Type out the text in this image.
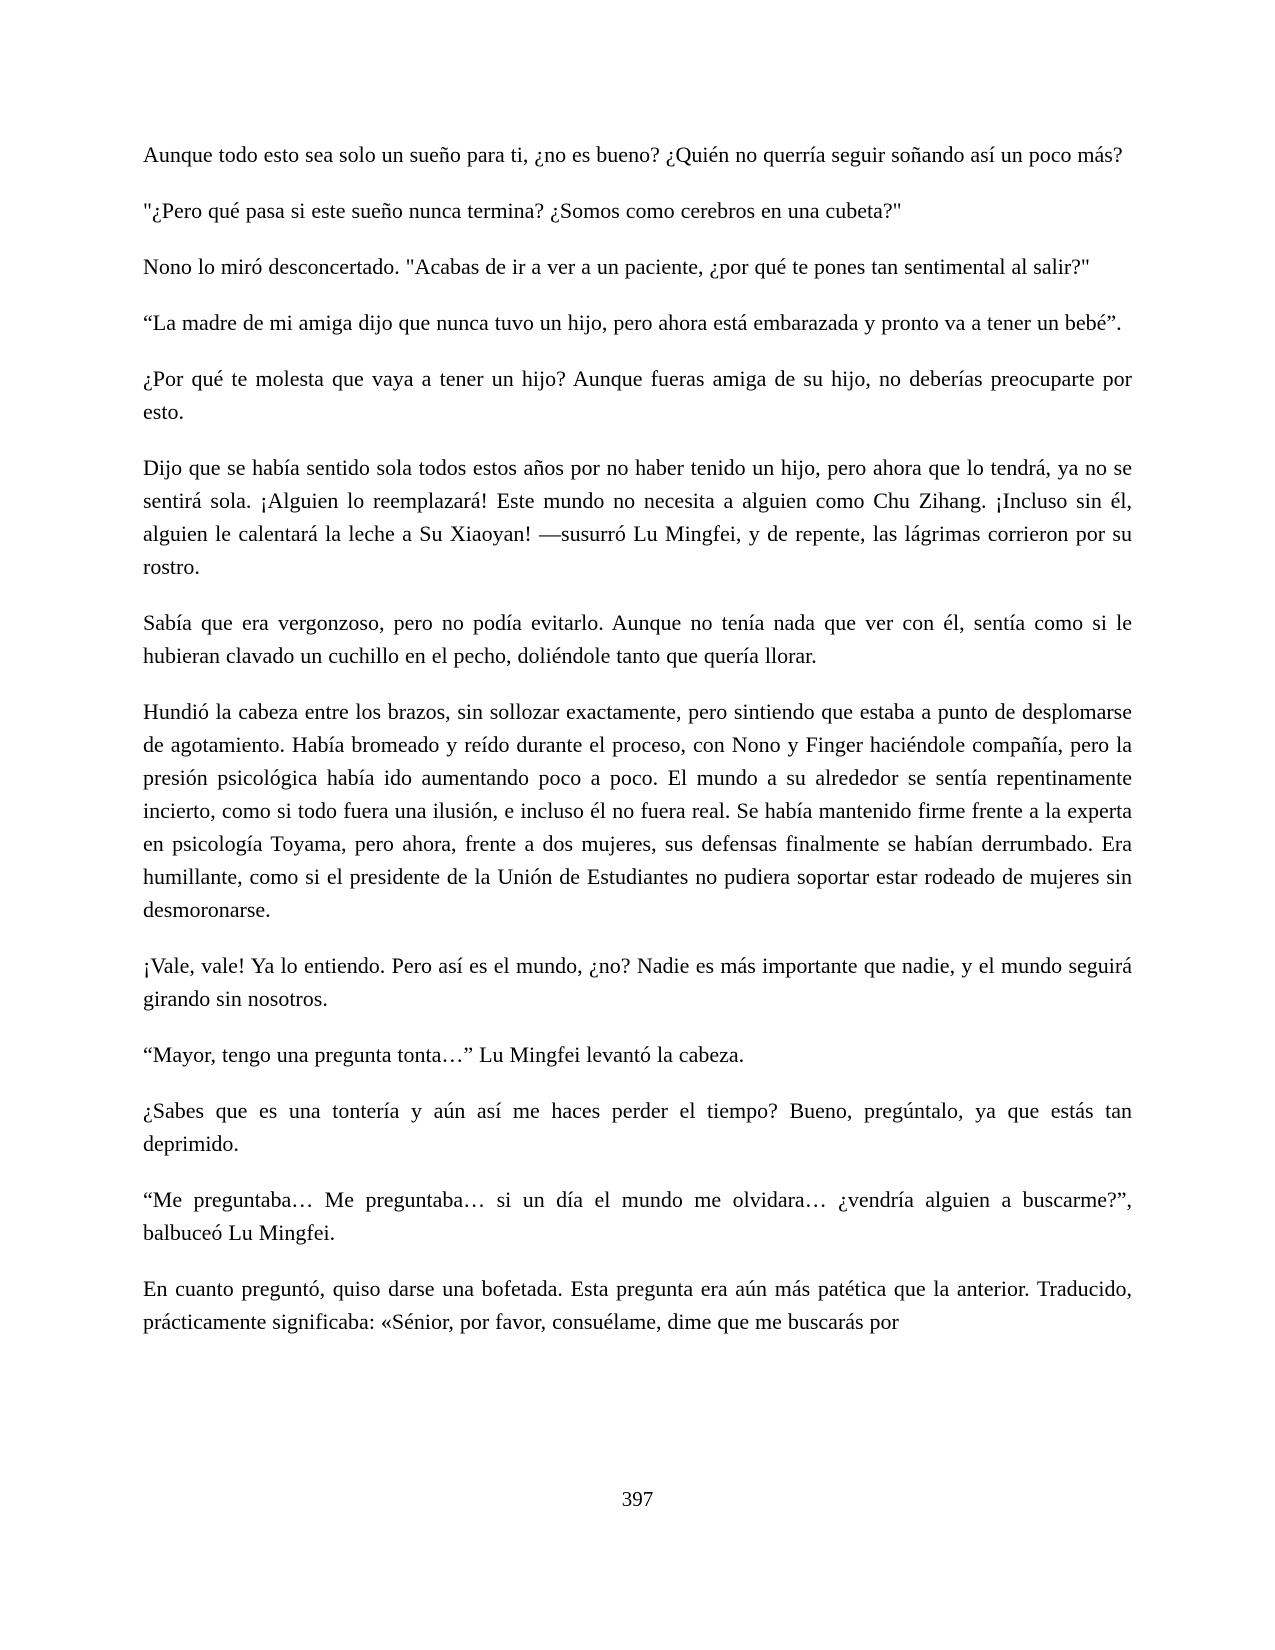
Aunque todo esto sea solo un sueño para ti, ¿no es bueno? ¿Quién no querría seguir soñando así un poco más?

"¿Pero qué pasa si este sueño nunca termina? ¿Somos como cerebros en una cubeta?"

Nono lo miró desconcertado. "Acabas de ir a ver a un paciente, ¿por qué te pones tan sentimental al salir?"

“La madre de mi amiga dijo que nunca tuvo un hijo, pero ahora está embarazada y pronto va a tener un bebé”.

¿Por qué te molesta que vaya a tener un hijo? Aunque fueras amiga de su hijo, no deberías preocuparte por esto.

Dijo que se había sentido sola todos estos años por no haber tenido un hijo, pero ahora que lo tendrá, ya no se sentirá sola. ¡Alguien lo reemplazará! Este mundo no necesita a alguien como Chu Zihang. ¡Incluso sin él, alguien le calentará la leche a Su Xiaoyan! —susurró Lu Mingfei, y de repente, las lágrimas corrieron por su rostro.

Sabía que era vergonzoso, pero no podía evitarlo. Aunque no tenía nada que ver con él, sentía como si le hubieran clavado un cuchillo en el pecho, doliéndole tanto que quería llorar.

Hundió la cabeza entre los brazos, sin sollozar exactamente, pero sintiendo que estaba a punto de desplomarse de agotamiento. Había bromeado y reído durante el proceso, con Nono y Finger haciéndole compañía, pero la presión psicológica había ido aumentando poco a poco. El mundo a su alrededor se sentía repentinamente incierto, como si todo fuera una ilusión, e incluso él no fuera real. Se había mantenido firme frente a la experta en psicología Toyama, pero ahora, frente a dos mujeres, sus defensas finalmente se habían derrumbado. Era humillante, como si el presidente de la Unión de Estudiantes no pudiera soportar estar rodeado de mujeres sin desmoronarse.

¡Vale, vale! Ya lo entiendo. Pero así es el mundo, ¿no? Nadie es más importante que nadie, y el mundo seguirá girando sin nosotros.

“Mayor, tengo una pregunta tonta…” Lu Mingfei levantó la cabeza.

¿Sabes que es una tontería y aún así me haces perder el tiempo? Bueno, pregúntalo, ya que estás tan deprimido.

“Me preguntaba… Me preguntaba… si un día el mundo me olvidara… ¿vendría alguien a buscarme?”, balbuceó Lu Mingfei.

En cuanto preguntó, quiso darse una bofetada. Esta pregunta era aún más patética que la anterior. Traducido, prácticamente significaba: «Sénior, por favor, consuélame, dime que me buscarás por

397
